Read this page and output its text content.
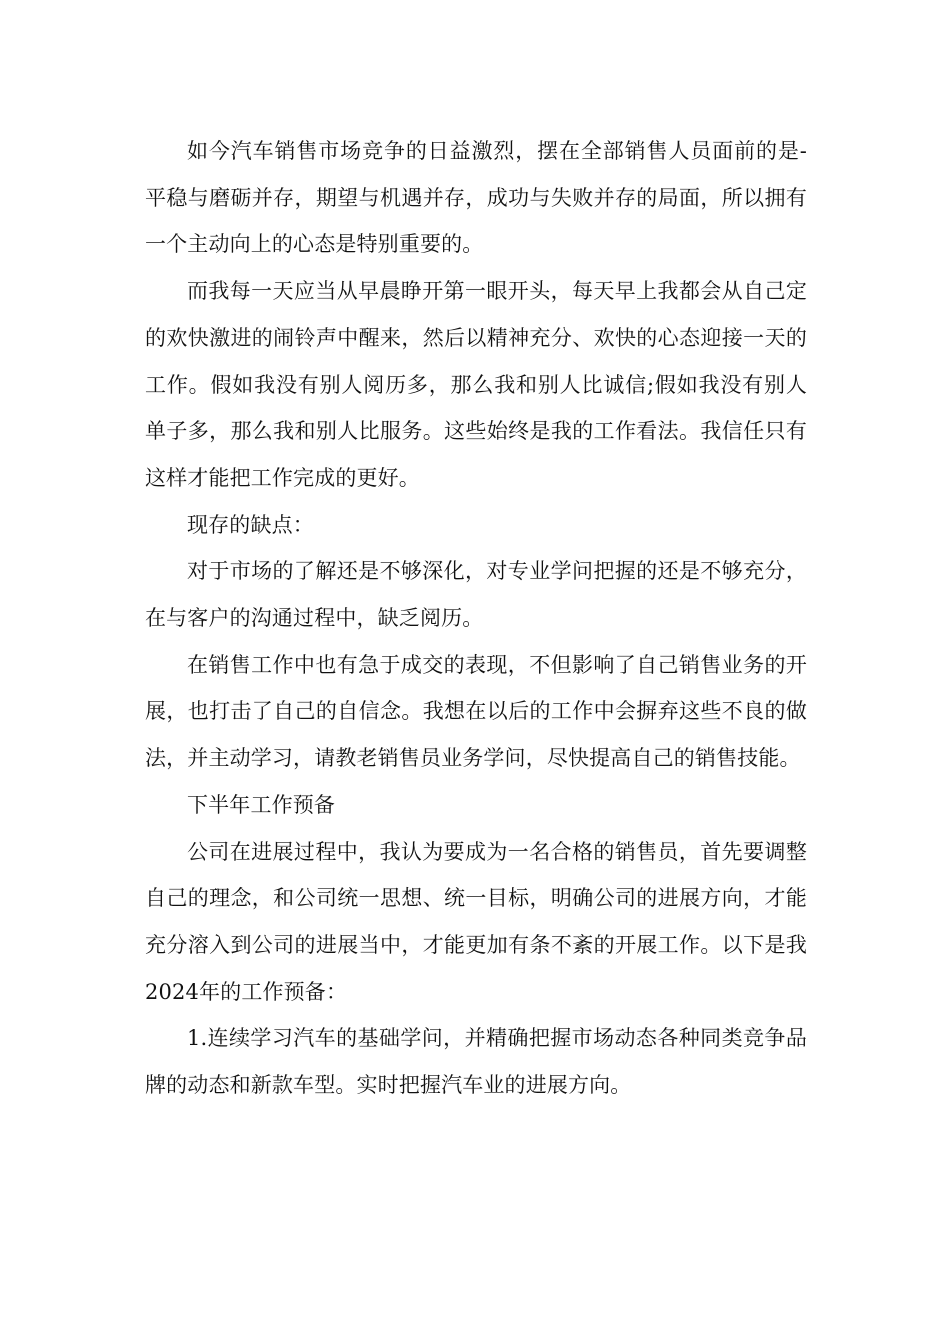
如今汽车销售市场竞争的日益激烈，摆在全部销售人员面前的是-平稳与磨砺并存，期望与机遇并存，成功与失败并存的局面，所以拥有一个主动向上的心态是特别重要的。

而我每一天应当从早晨睁开第一眼开头，每天早上我都会从自己定的欢快激进的闹铃声中醒来，然后以精神充分、欢快的心态迎接一天的工作。假如我没有别人阅历多，那么我和别人比诚信;假如我没有别人单子多，那么我和别人比服务。这些始终是我的工作看法。我信任只有这样才能把工作完成的更好。

现存的缺点：

对于市场的了解还是不够深化，对专业学问把握的还是不够充分，在与客户的沟通过程中，缺乏阅历。

在销售工作中也有急于成交的表现，不但影响了自己销售业务的开展，也打击了自己的自信念。我想在以后的工作中会摒弃这些不良的做法，并主动学习，请教老销售员业务学问，尽快提高自己的销售技能。

下半年工作预备

公司在进展过程中，我认为要成为一名合格的销售员，首先要调整自己的理念，和公司统一思想、统一目标，明确公司的进展方向，才能充分溶入到公司的进展当中，才能更加有条不紊的开展工作。以下是我2024年的工作预备：

1.连续学习汽车的基础学问，并精确把握市场动态各种同类竞争品牌的动态和新款车型。实时把握汽车业的进展方向。
